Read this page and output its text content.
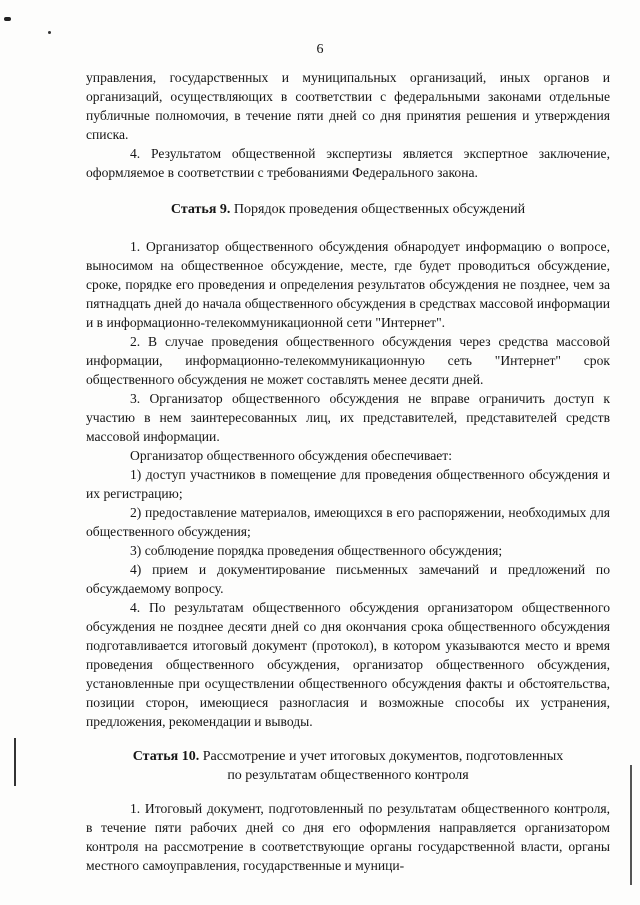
6

управления, государственных и муниципальных организаций, иных органов и организаций, осуществляющих в соответствии с федеральными законами отдельные публичные полномочия, в течение пяти дней со дня принятия решения и утверждения списка.

4. Результатом общественной экспертизы является экспертное заключение, оформляемое в соответствии с требованиями Федерального закона.

Статья 9. Порядок проведения общественных обсуждений

1. Организатор общественного обсуждения обнародует информацию о вопросе, выносимом на общественное обсуждение, месте, где будет проводиться обсуждение, сроке, порядке его проведения и определения результатов обсуждения не позднее, чем за пятнадцать дней до начала общественного обсуждения в средствах массовой информации и в информационно-телекоммуникационной сети "Интернет".

2. В случае проведения общественного обсуждения через средства массовой информации, информационно-телекоммуникационную сеть "Интернет" срок общественного обсуждения не может составлять менее десяти дней.

3. Организатор общественного обсуждения не вправе ограничить доступ к участию в нем заинтересованных лиц, их представителей, представителей средств массовой информации.

Организатор общественного обсуждения обеспечивает:

1) доступ участников в помещение для проведения общественного обсуждения и их регистрацию;

2) предоставление материалов, имеющихся в его распоряжении, необходимых для общественного обсуждения;

3) соблюдение порядка проведения общественного обсуждения;

4) прием и документирование письменных замечаний и предложений по обсуждаемому вопросу.

4. По результатам общественного обсуждения организатором общественного обсуждения не позднее десяти дней со дня окончания срока общественного обсуждения подготавливается итоговый документ (протокол), в котором указываются место и время проведения общественного обсуждения, организатор общественного обсуждения, установленные при осуществлении общественного обсуждения факты и обстоятельства, позиции сторон, имеющиеся разногласия и возможные способы их устранения, предложения, рекомендации и выводы.

Статья 10. Рассмотрение и учет итоговых документов, подготовленных
по результатам общественного контроля

1. Итоговый документ, подготовленный по результатам общественного контроля, в течение пяти рабочих дней со дня его оформления направляется организатором контроля на рассмотрение в соответствующие органы государственной власти, органы местного самоуправления, государственные и муници-
